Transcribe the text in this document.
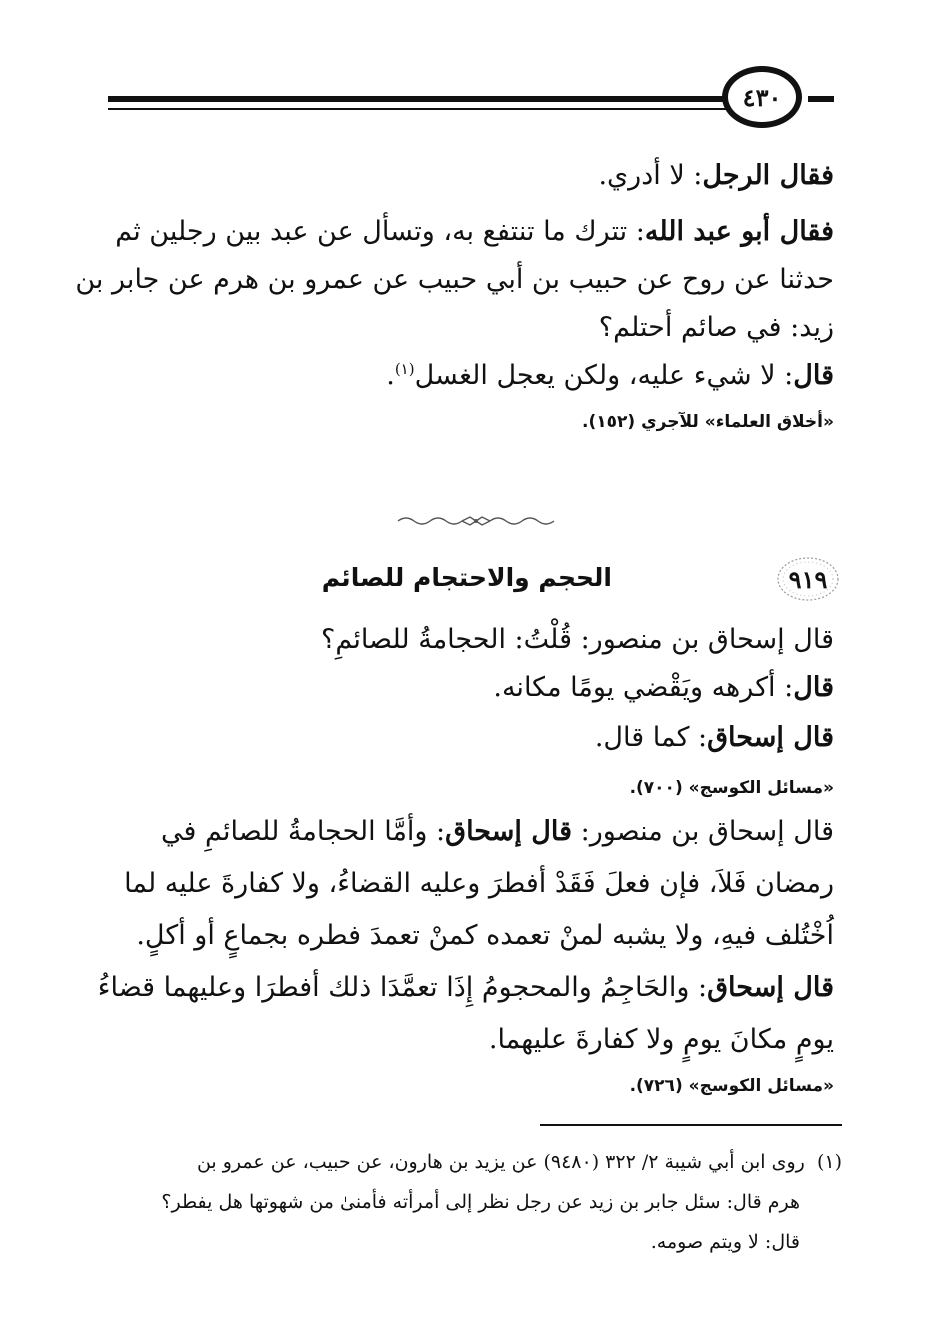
٤٣٠
فقال الرجل: لا أدري.
فقال أبو عبد الله: تترك ما تنتفع به، وتسأل عن عبد بين رجلين ثم
حدثنا عن روح عن حبيب بن أبي حبيب عن عمرو بن هرم عن جابر بن
زيد: في صائم أحتلم؟
قال: لا شيء عليه، ولكن يعجل الغسل$^{(١)}$.
«أخلاق العلماء» للآجري (١٥٢).
٩١٩
الحجم والاحتجام للصائم
قال إسحاق بن منصور: قُلْتُ: الحجامةُ للصائمِ؟
قال: أكرهه ويَقْضي يومًا مكانه.
قال إسحاق: كما قال.
«مسائل الكوسج» (٧٠٠).
قال إسحاق بن منصور: قال إسحاق: وأمَّا الحجامةُ للصائمِ في
رمضان فَلاَ، فإن فعلَ فَقَدْ أفطرَ وعليه القضاءُ، ولا كفارةَ عليه لما
اُخْتُلف فيهِ، ولا يشبه لمنْ تعمده كمنْ تعمدَ فطره بجماعٍ أو أكلٍ.
قال إسحاق: والحَاجِمُ والمحجومُ إِذَا تعمَّدَا ذلك أفطرَا وعليهما قضاءُ
يومٍ مكانَ يومٍ ولا كفارةَ عليهما.
«مسائل الكوسج» (٧٢٦).
(١)  روى ابن أبي شيبة ٢/ ٣٢٢ (٩٤٨٠) عن يزيد بن هارون، عن حبيب، عن عمرو بن
هرم قال: سئل جابر بن زيد عن رجل نظر إلى أمرأته فأمنىٰ من شهوتها هل يفطر؟
قال: لا ويتم صومه.
